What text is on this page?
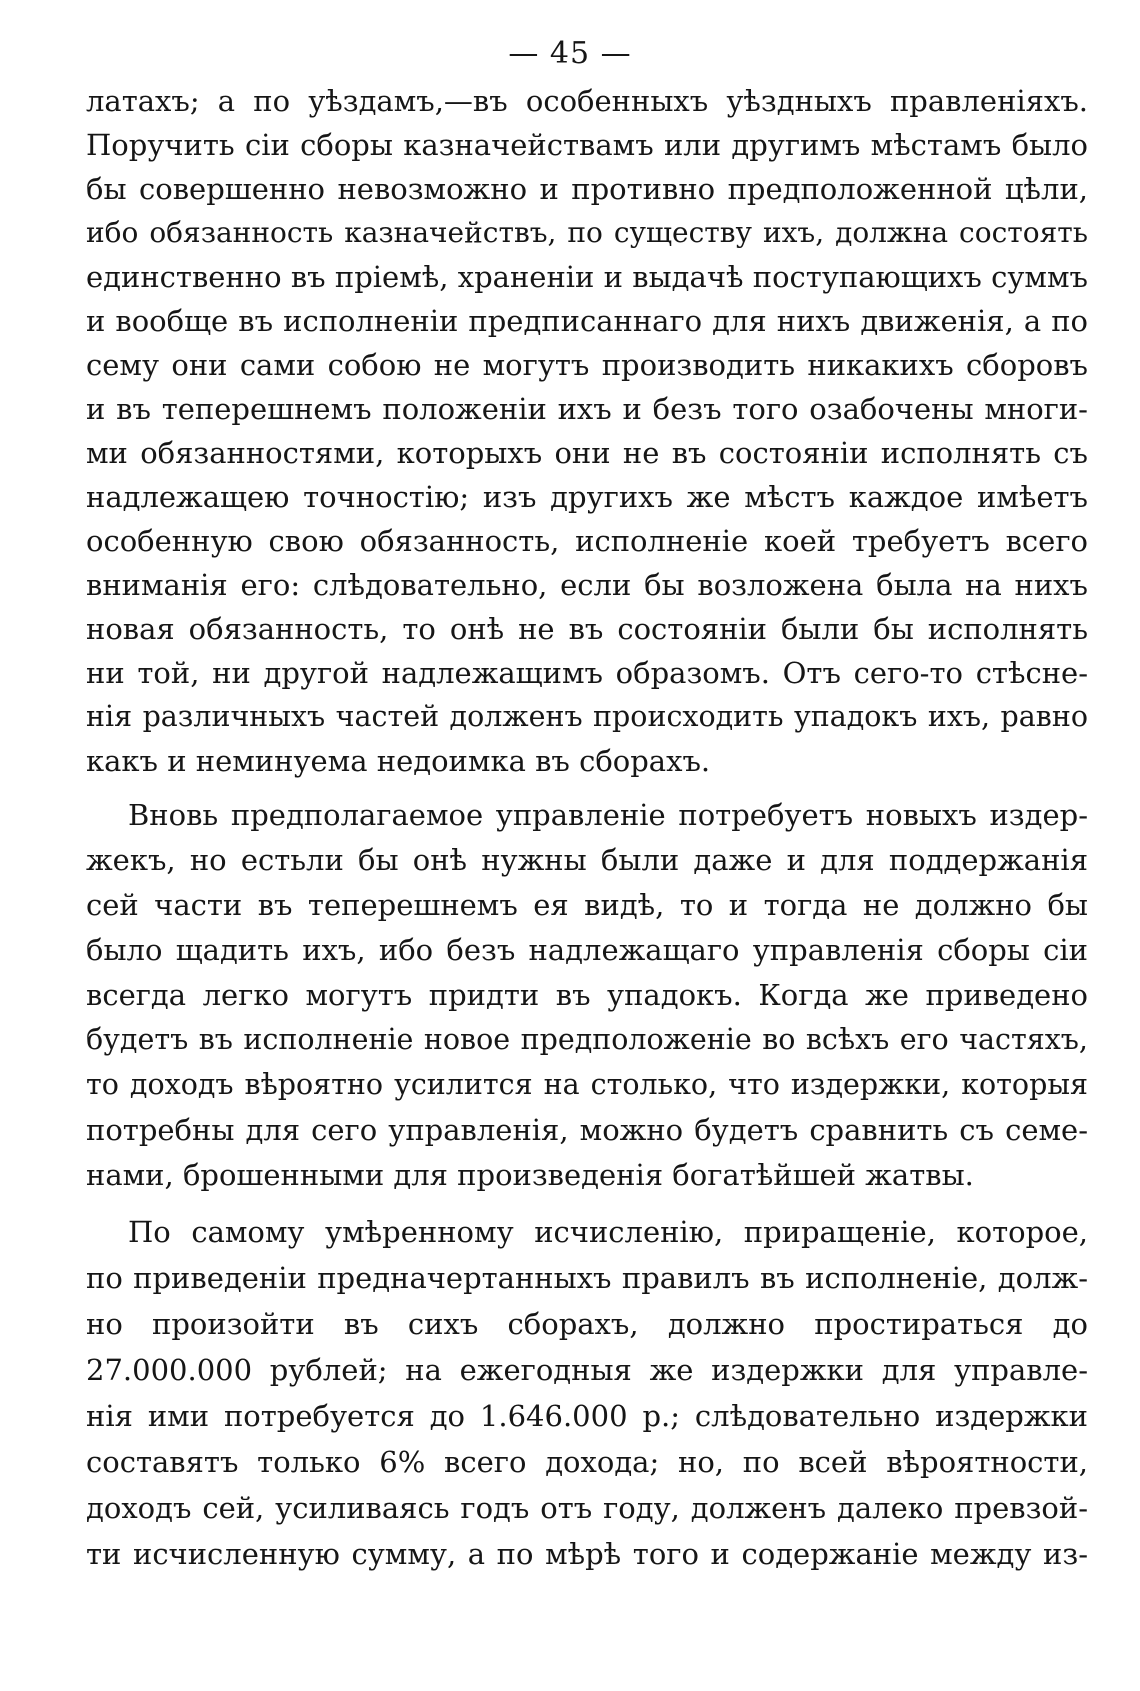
— 45 —
латахъ; а по уѣздамъ,—въ особенныхъ уѣздныхъ правленіяхъ.
Поручить сіи сборы казначействамъ или другимъ мѣстамъ было
бы совершенно невозможно и противно предположенной цѣли,
ибо обязанность казначействъ, по существу ихъ, должна состоять
единственно въ пріемѣ, храненіи и выдачѣ поступающихъ суммъ
и вообще въ исполненіи предписаннаго для нихъ движенія, а по
сему они сами собою не могутъ производить никакихъ сборовъ
и въ теперешнемъ положеніи ихъ и безъ того озабочены многи-
ми обязанностями, которыхъ они не въ состояніи исполнять съ
надлежащею точностію; изъ другихъ же мѣстъ каждое имѣетъ
особенную свою обязанность, исполненіе коей требуетъ всего
вниманія его: слѣдовательно, если бы возложена была на нихъ
новая обязанность, то онѣ не въ состояніи были бы исполнять
ни той, ни другой надлежащимъ образомъ. Отъ сего-то стѣсне-
нія различныхъ частей долженъ происходить упадокъ ихъ, равно
какъ и неминуема недоимка въ сборахъ.
Вновь предполагаемое управленіе потребуетъ новыхъ издер-
жекъ, но естьли бы онѣ нужны были даже и для поддержанія
сей части въ теперешнемъ ея видѣ, то и тогда не должно бы
было щадить ихъ, ибо безъ надлежащаго управленія сборы сіи
всегда легко могутъ придти въ упадокъ. Когда же приведено
будетъ въ исполненіе новое предположеніе во всѣхъ его частяхъ,
то доходъ вѣроятно усилится на столько, что издержки, которыя
потребны для сего управленія, можно будетъ сравнить съ семе-
нами, брошенными для произведенія богатѣйшей жатвы.
По самому умѣренному исчисленію, приращеніе, которое,
по приведеніи предначертанныхъ правилъ въ исполненіе, долж-
но произойти въ сихъ сборахъ, должно простираться до
27.000.000 рублей; на ежегодныя же издержки для управле-
нія ими потребуется до 1.646.000 р.; слѣдовательно издержки
составятъ только 6% всего дохода; но, по всей вѣроятности,
доходъ сей, усиливаясь годъ отъ году, долженъ далеко превзой-
ти исчисленную сумму, а по мѣрѣ того и содержаніе между из-
